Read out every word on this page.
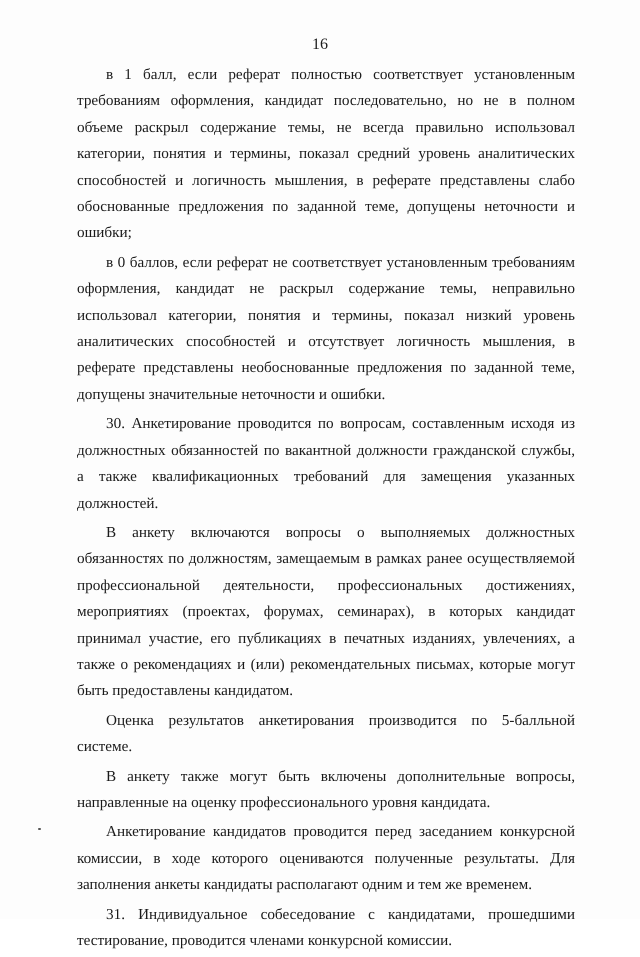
16

в 1 балл, если реферат полностью соответствует установленным требованиям оформления, кандидат последовательно, но не в полном объеме раскрыл содержание темы, не всегда правильно использовал категории, понятия и термины, показал средний уровень аналитических способностей и логичность мышления, в реферате представлены слабо обоснованные предложения по заданной теме, допущены неточности и ошибки;

в 0 баллов, если реферат не соответствует установленным требованиям оформления, кандидат не раскрыл содержание темы, неправильно использовал категории, понятия и термины, показал низкий уровень аналитических способностей и отсутствует логичность мышления, в реферате представлены необоснованные предложения по заданной теме, допущены значительные неточности и ошибки.

30. Анкетирование проводится по вопросам, составленным исходя из должностных обязанностей по вакантной должности гражданской службы, а также квалификационных требований для замещения указанных должностей.

В анкету включаются вопросы о выполняемых должностных обязанностях по должностям, замещаемым в рамках ранее осуществляемой профессиональной деятельности, профессиональных достижениях, мероприятиях (проектах, форумах, семинарах), в которых кандидат принимал участие, его публикациях в печатных изданиях, увлечениях, а также о рекомендациях и (или) рекомендательных письмах, которые могут быть предоставлены кандидатом.

Оценка результатов анкетирования производится по 5-балльной системе.

В анкету также могут быть включены дополнительные вопросы, направленные на оценку профессионального уровня кандидата.

Анкетирование кандидатов проводится перед заседанием конкурсной комиссии, в ходе которого оцениваются полученные результаты. Для заполнения анкеты кандидаты располагают одним и тем же временем.

31. Индивидуальное собеседование с кандидатами, прошедшими тестирование, проводится членами конкурсной комиссии.
